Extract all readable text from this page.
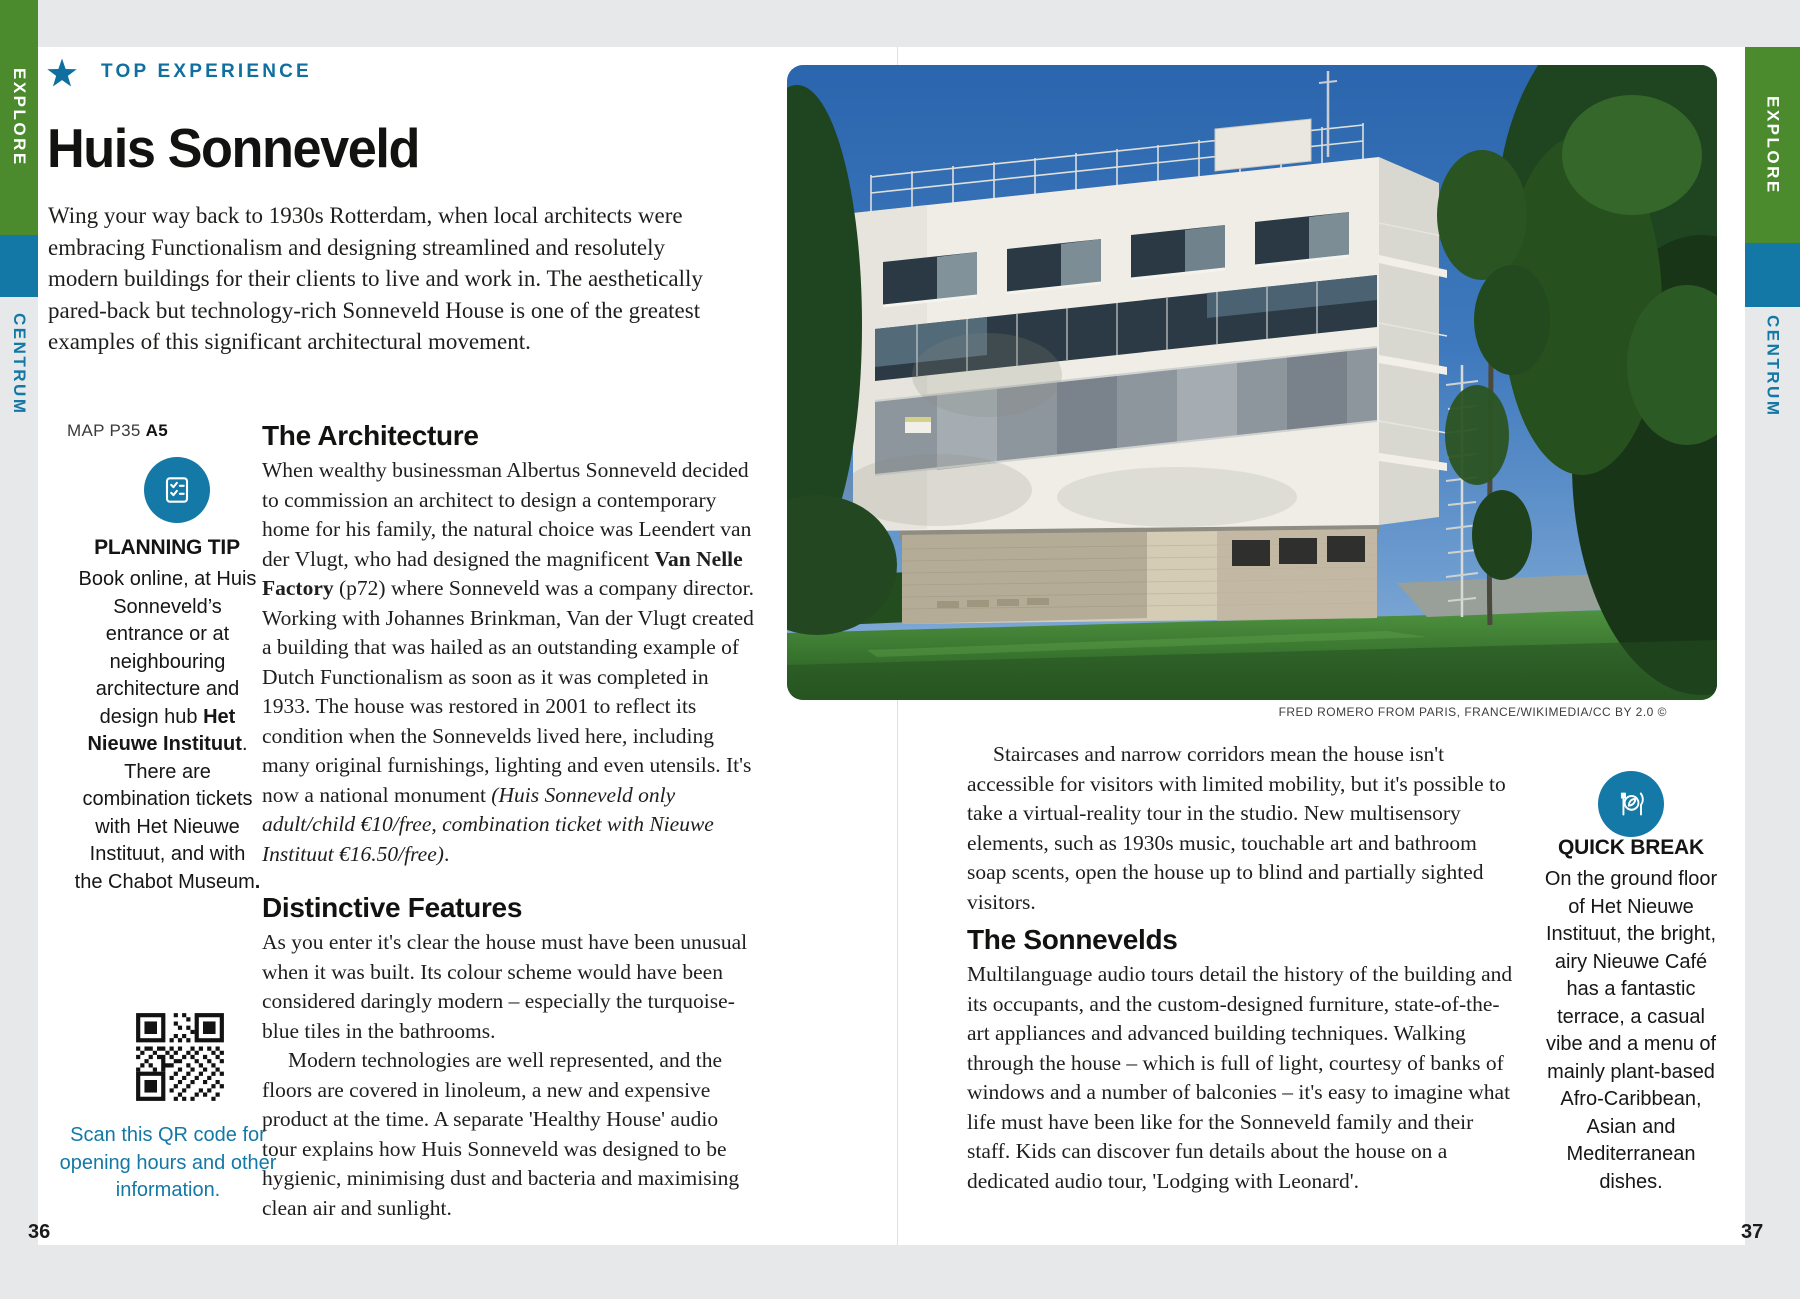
EXPLORE
CENTRUM
EXPLORE
CENTRUM
TOP EXPERIENCE
Huis Sonneveld

Wing your way back to 1930s Rotterdam, when local architects were embracing Functionalism and designing streamlined and resolutely modern buildings for their clients to live and work in. The aesthetically pared-back but technology-rich Sonneveld House is one of the greatest examples of this significant architectural movement.

MAP P35 A5
PLANNING TIP

Book online, at Huis Sonneveld’s entrance or at neighbouring architecture and design hub Het Nieuwe Instituut. There are combination tickets with Het Nieuwe Instituut, and with the Chabot Museum.

Scan this QR code for opening hours and other information.

The Architecture

When wealthy businessman Albertus Sonneveld decided to commission an architect to design a contemporary home for his family, the natural choice was Leendert van der Vlugt, who had designed the magnificent Van Nelle Factory (p72) where Sonneveld was a company director. Working with Johannes Brinkman, Van der Vlugt created a building that was hailed as an outstanding example of Dutch Functionalism as soon as it was completed in 1933. The house was restored in 2001 to reflect its condition when the Sonnevelds lived here, including many original furnishings, lighting and even utensils. It's now a national monument (Huis Sonneveld only adult/child €10/free, combination ticket with Nieuwe Instituut €16.50/free).

Distinctive Features

As you enter it's clear the house must have been unusual when it was built. Its colour scheme would have been considered daringly modern – especially the turquoise-blue tiles in the bathrooms.

Modern technologies are well represented, and the floors are covered in linoleum, a new and expensive product at the time. A separate 'Healthy House' audio tour explains how Huis Sonneveld was designed to be hygienic, minimising dust and bacteria and maximising clean air and sunlight.

36

FRED ROMERO FROM PARIS, FRANCE/WIKIMEDIA/CC BY 2.0 ©

Staircases and narrow corridors mean the house isn't accessible for visitors with limited mobility, but it's possible to take a virtual-reality tour in the studio. New multisensory elements, such as 1930s music, touchable art and bathroom soap scents, open the house up to blind and partially sighted visitors.

The Sonnevelds

Multilanguage audio tours detail the history of the building and its occupants, and the custom-designed furniture, state-of-the-art appliances and advanced building techniques. Walking through the house – which is full of light, courtesy of banks of windows and a number of balconies – it's easy to imagine what life must have been like for the Sonneveld family and their staff. Kids can discover fun details about the house on a dedicated audio tour, 'Lodging with Leonard'.

QUICK BREAK

On the ground floor of Het Nieuwe Instituut, the bright, airy Nieuwe Café has a fantastic terrace, a casual vibe and a menu of mainly plant-based Afro-Caribbean, Asian and Mediterranean dishes.

37
